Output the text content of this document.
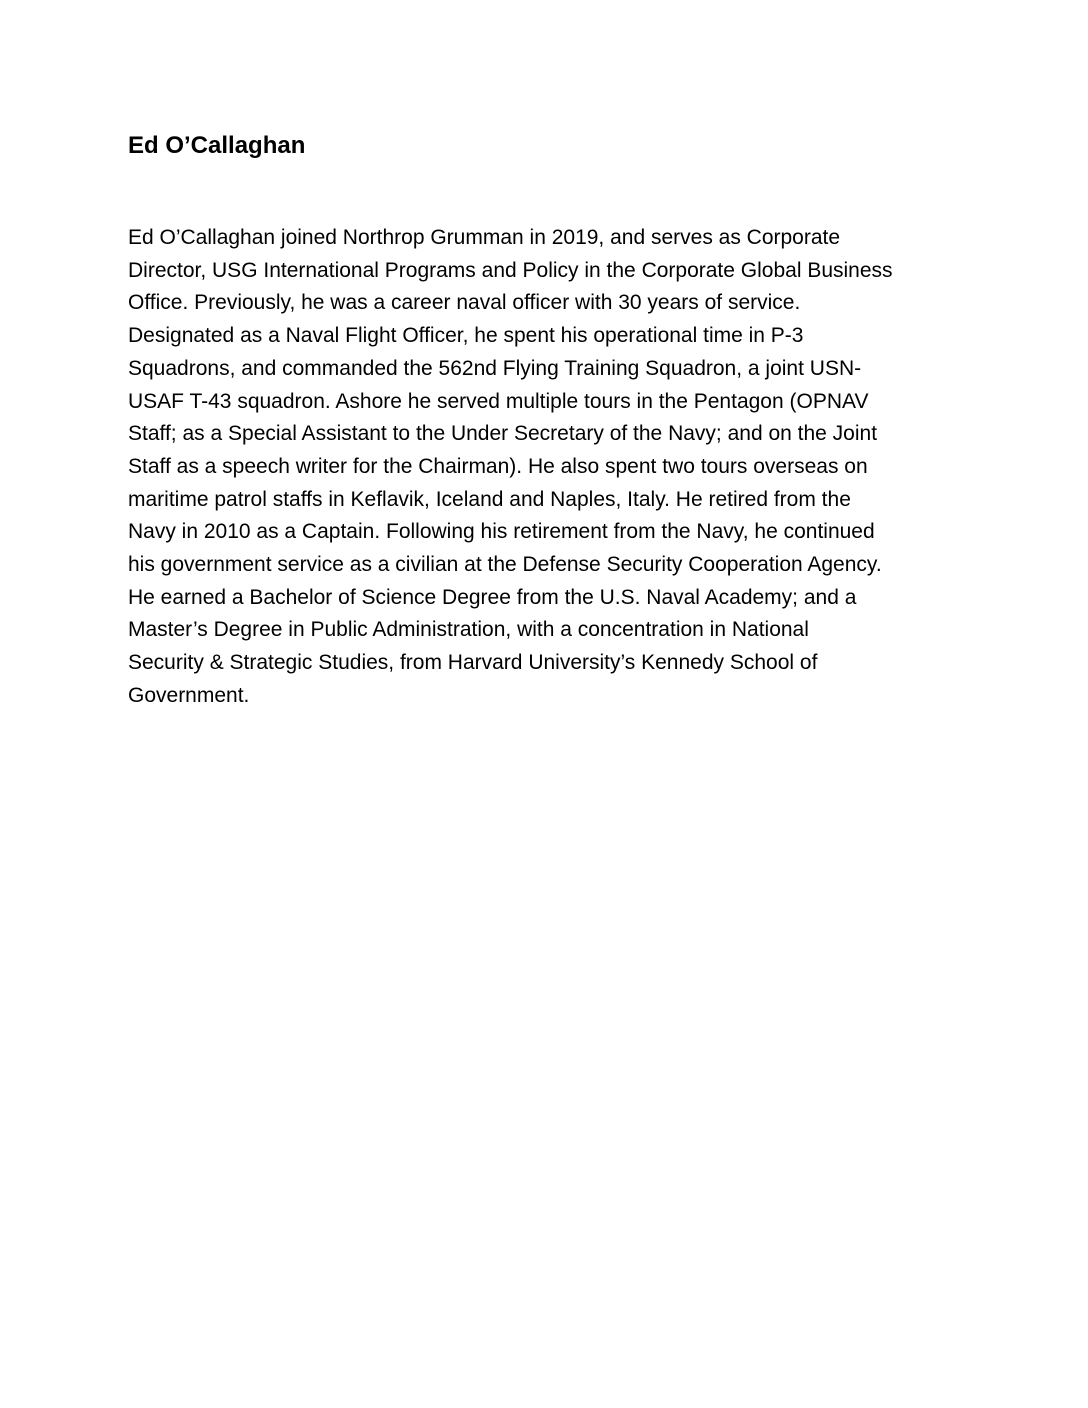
Ed O’Callaghan

Ed O’Callaghan joined Northrop Grumman in 2019, and serves as Corporate
Director, USG International Programs and Policy in the Corporate Global Business
Office. Previously, he was a career naval officer with 30 years of service.
Designated as a Naval Flight Officer, he spent his operational time in P-3
Squadrons, and commanded the 562nd Flying Training Squadron, a joint USN-
USAF T-43 squadron. Ashore he served multiple tours in the Pentagon (OPNAV
Staff; as a Special Assistant to the Under Secretary of the Navy; and on the Joint
Staff as a speech writer for the Chairman). He also spent two tours overseas on
maritime patrol staffs in Keflavik, Iceland and Naples, Italy. He retired from the
Navy in 2010 as a Captain. Following his retirement from the Navy, he continued
his government service as a civilian at the Defense Security Cooperation Agency.
He earned a Bachelor of Science Degree from the U.S. Naval Academy; and a
Master’s Degree in Public Administration, with a concentration in National
Security & Strategic Studies, from Harvard University’s Kennedy School of
Government.
